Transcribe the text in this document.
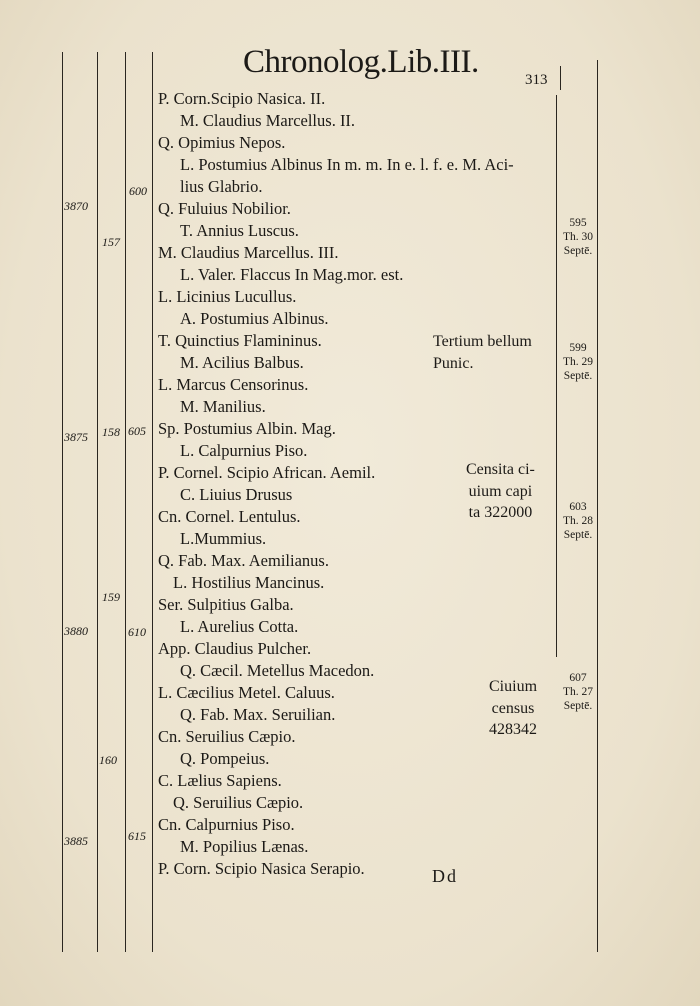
Chronolog.Lib.III.	313
P. Corn.Scipio Nasica. II.
M. Claudius Marcellus. II.
Q. Opimius Nepos.
L. Postumius Albinus In m. m. In e. l. f. e. M. Aci-
lius Glabrio.
Q. Fuluius Nobilior.
T. Annius Luscus.
M. Claudius Marcellus. III.
L. Valer. Flaccus In Mag.mor. est.
L. Licinius Lucullus.
A. Postumius Albinus.
T. Quinctius Flamininus.
M. Acilius Balbus.
L. Marcus Censorinus.
M. Manilius.
Sp. Postumius Albin. Mag.
L. Calpurnius Piso.
P. Cornel. Scipio African. Aemil.
C. Liuius Drusus
Cn. Cornel. Lentulus.
L.Mummius.
Q. Fab. Max. Aemilianus.
L. Hostilius Mancinus.
Ser. Sulpitius Galba.
L. Aurelius Cotta.
App. Claudius Pulcher.
Q. Cæcil. Metellus Macedon.
L. Cæcilius Metel. Caluus.
Q. Fab. Max. Seruilian.
Cn. Seruilius Cæpio.
Q. Pompeius.
C. Lælius Sapiens.
Q. Seruilius Cæpio.
Cn. Calpurnius Piso.
M. Popilius Lænas.
P. Corn. Scipio Nasica Serapio.
3870
3875
3880
3885
157
158
159
160
600
605
610
615
Tertium bellum
Punic.
Censita ci-
uium capi
ta 322000
Ciuium
census
428342
595
Th. 30
Septē.
599
Th. 29
Septē.
603
Th. 28
Septē.
607
Th. 27
Septē.
Dd
